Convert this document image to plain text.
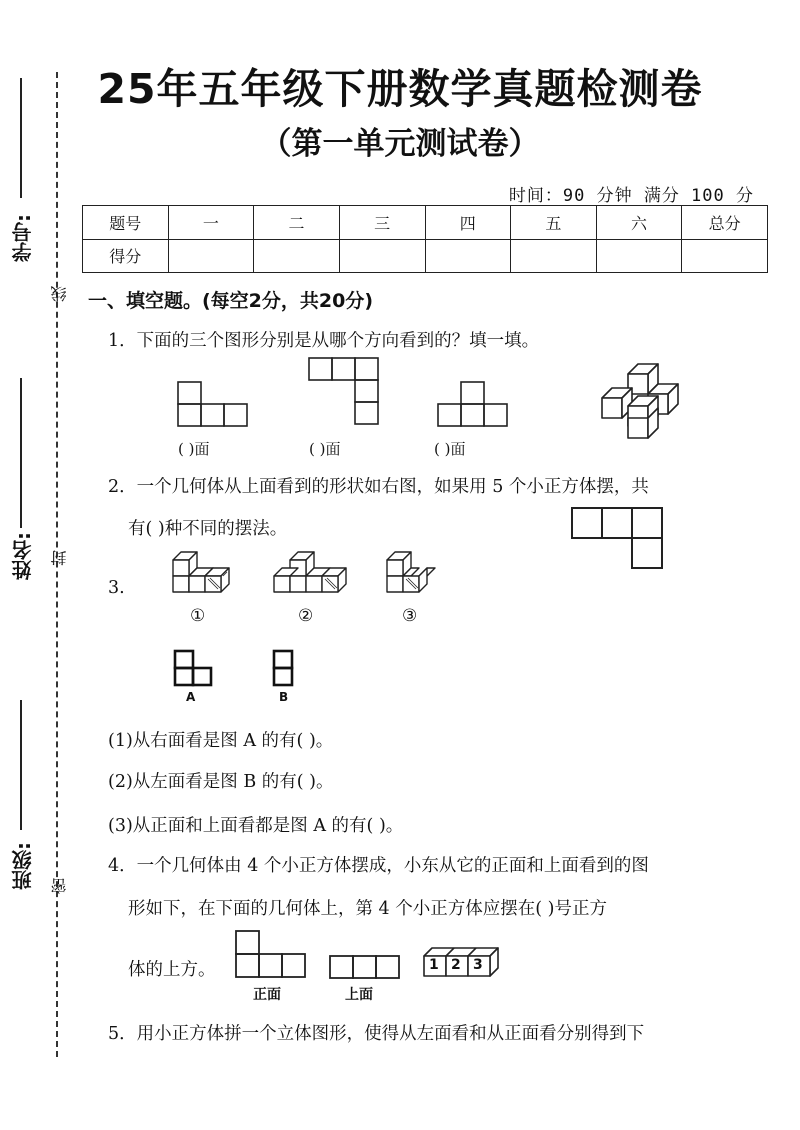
学号:
线
姓名: 封
班级: 密
25年五年级下册数学真题检测卷
（第一单元测试卷）
时间：90 分钟 满分 100 分
题号	一	二	三	四	五	六	总分
得分							
一、填空题。(每空2分，共20分)
1．下面的三个图形分别是从哪个方向看到的？填一填。
( )面	( )面	( )面
2．一个几何体从上面看到的形状如右图，如果用 5 个小正方体摆，共
有( )种不同的摆法。
3.
①	②	③
A	B
(1)从右面看是图 A 的有( )。
(2)从左面看是图 B 的有( )。
(3)从正面和上面看都是图 A 的有( )。
4．一个几何体由 4 个小正方体摆成，小东从它的正面和上面看到的图
形如下，在下面的几何体上，第 4 个小正方体应摆在( )号正方
体的上方。	1 2 3
正面	上面
5．用小正方体拼一个立体图形，使得从左面看和从正面看分别得到下
